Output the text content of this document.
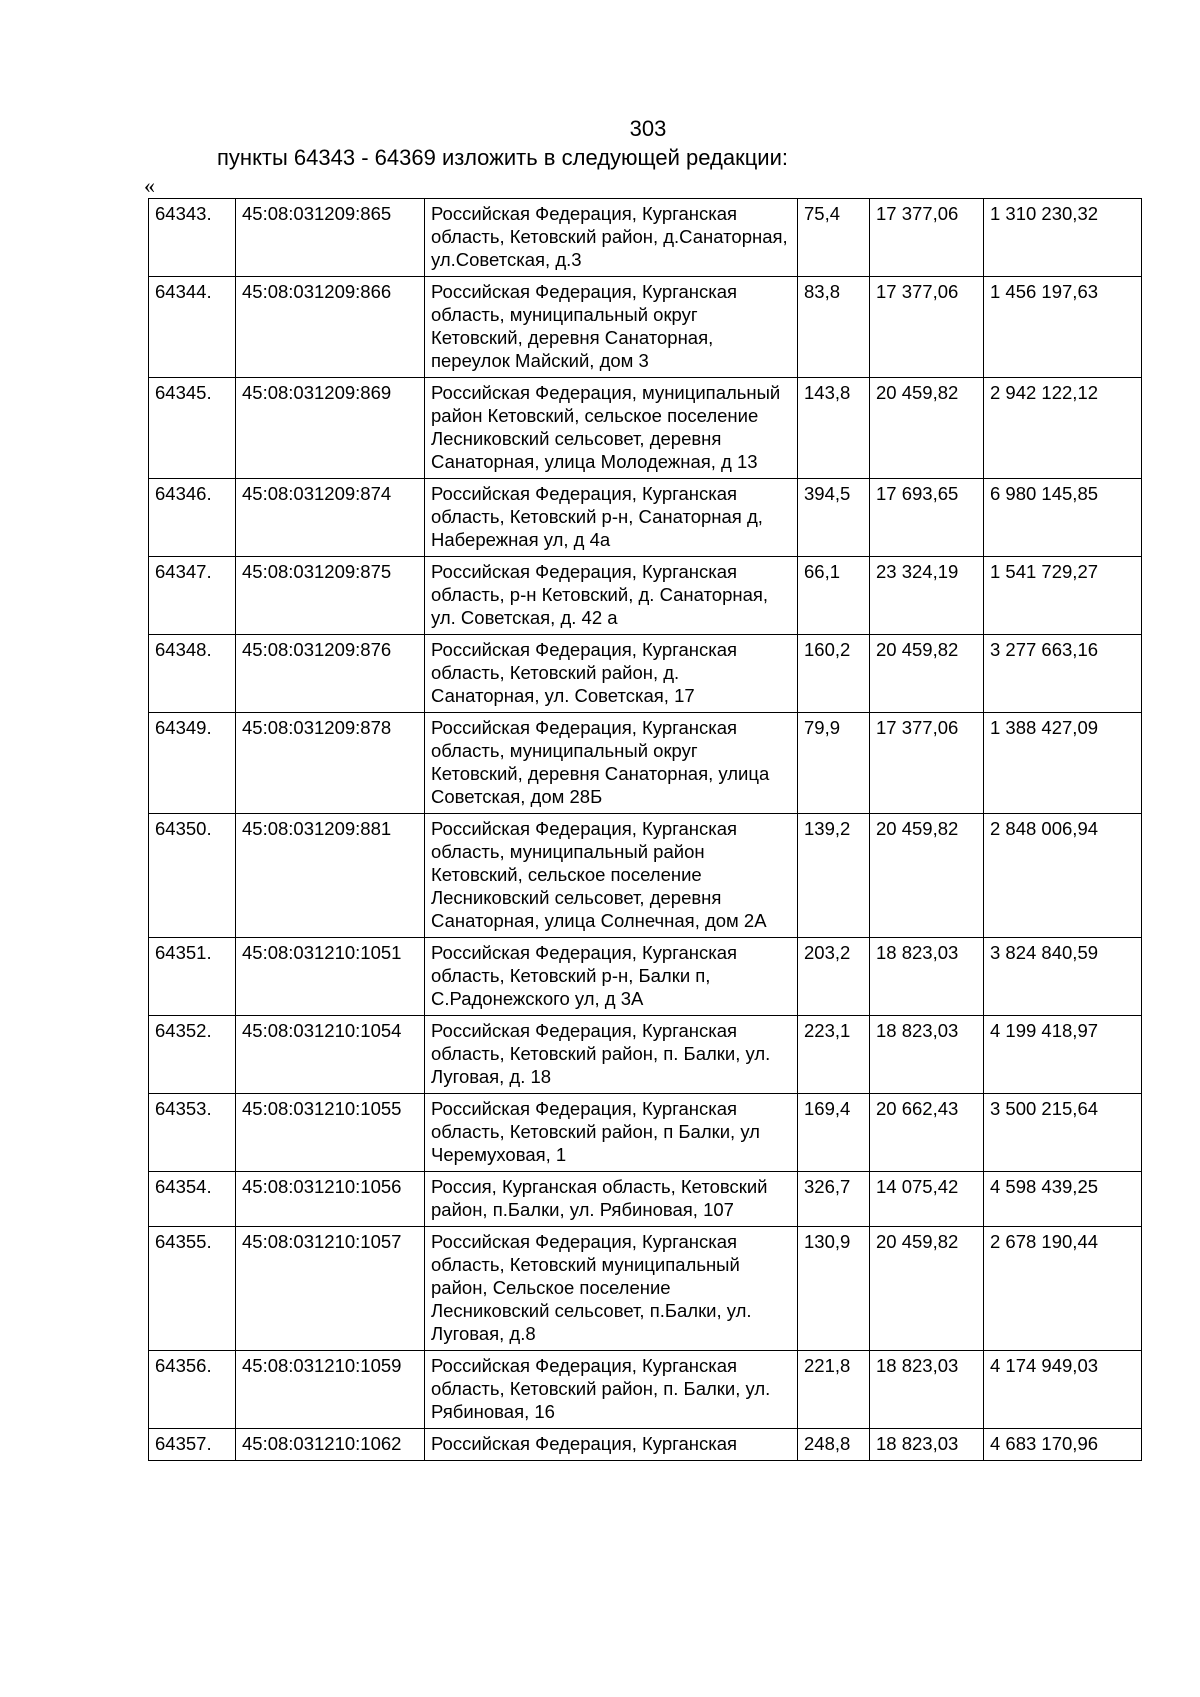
303
пункты 64343 - 64369 изложить в следующей редакции:
«
64343.	45:08:031209:865	Российская Федерация, Курганская область, Кетовский район, д.Санаторная, ул.Советская, д.3	75,4	17 377,06	1 310 230,32
64344.	45:08:031209:866	Российская Федерация, Курганская область, муниципальный округ Кетовский, деревня Санаторная, переулок Майский, дом 3	83,8	17 377,06	1 456 197,63
64345.	45:08:031209:869	Российская Федерация, муниципальный район Кетовский, сельское поселение Лесниковский сельсовет, деревня Санаторная, улица Молодежная, д 13	143,8	20 459,82	2 942 122,12
64346.	45:08:031209:874	Российская Федерация, Курганская область, Кетовский р-н, Санаторная д, Набережная ул, д 4а	394,5	17 693,65	6 980 145,85
64347.	45:08:031209:875	Российская Федерация, Курганская область, р-н Кетовский, д. Санаторная, ул. Советская, д. 42 а	66,1	23 324,19	1 541 729,27
64348.	45:08:031209:876	Российская Федерация, Курганская область, Кетовский район, д. Санаторная, ул. Советская, 17	160,2	20 459,82	3 277 663,16
64349.	45:08:031209:878	Российская Федерация, Курганская область, муниципальный округ Кетовский, деревня Санаторная, улица Советская, дом 28Б	79,9	17 377,06	1 388 427,09
64350.	45:08:031209:881	Российская Федерация, Курганская область, муниципальный район Кетовский, сельское поселение Лесниковский сельсовет, деревня Санаторная, улица Солнечная, дом 2А	139,2	20 459,82	2 848 006,94
64351.	45:08:031210:1051	Российская Федерация, Курганская область, Кетовский р-н, Балки п, С.Радонежского ул, д 3А	203,2	18 823,03	3 824 840,59
64352.	45:08:031210:1054	Российская Федерация, Курганская область, Кетовский район, п. Балки, ул. Луговая, д. 18	223,1	18 823,03	4 199 418,97
64353.	45:08:031210:1055	Российская Федерация, Курганская область, Кетовский район, п Балки, ул Черемуховая, 1	169,4	20 662,43	3 500 215,64
64354.	45:08:031210:1056	Россия, Курганская область, Кетовский район, п.Балки, ул. Рябиновая, 107	326,7	14 075,42	4 598 439,25
64355.	45:08:031210:1057	Российская Федерация, Курганская область, Кетовский муниципальный район, Сельское поселение Лесниковский сельсовет, п.Балки, ул. Луговая, д.8	130,9	20 459,82	2 678 190,44
64356.	45:08:031210:1059	Российская Федерация, Курганская область, Кетовский район, п. Балки, ул. Рябиновая, 16	221,8	18 823,03	4 174 949,03
64357.	45:08:031210:1062	Российская Федерация, Курганская	248,8	18 823,03	4 683 170,96
